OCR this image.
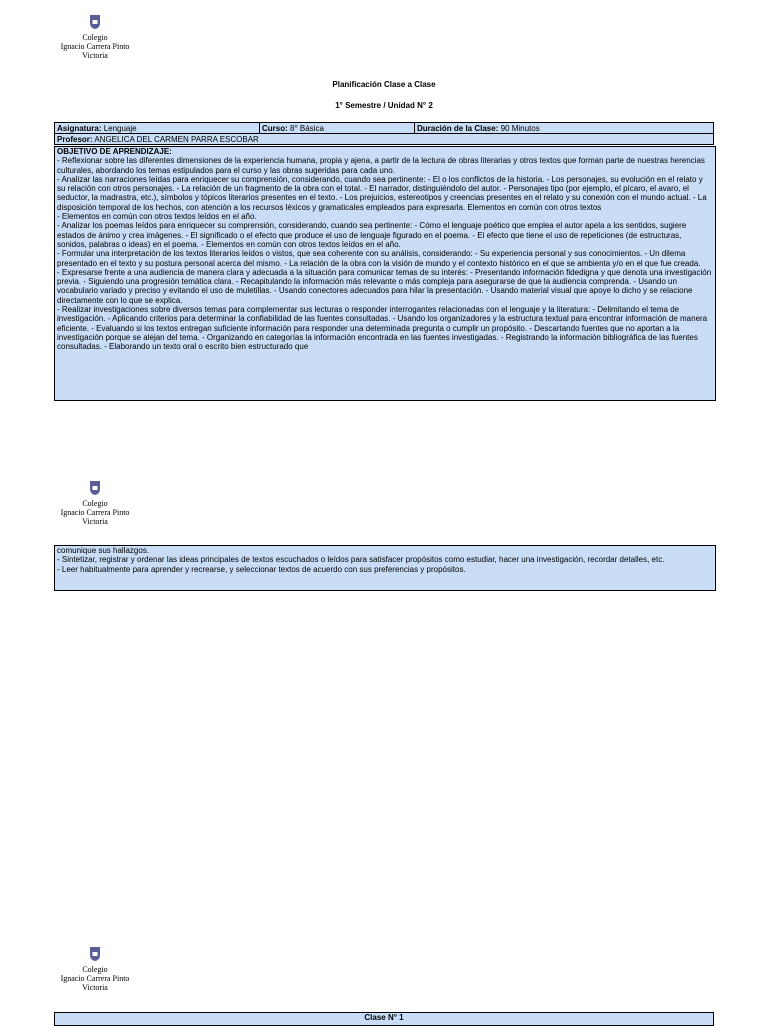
Colegio
Ignacio Carrera Pinto
Victoria
Planificación Clase a Clase
1° Semestre / Unidad N° 2
Asignatura: Lenguaje	Curso: 8° Básica	Duración de la Clase: 90 Minutos
Profesor: ANGELICA DEL CARMEN PARRA ESCOBAR

OBJETIVO DE APRENDIZAJE:

- Reflexionar sobre las diferentes dimensiones de la experiencia humana, propia y ajena, a partir de la lectura de obras literarias y otros textos que forman parte de nuestras herencias culturales, abordando los temas estipulados para el curso y las obras sugeridas para cada uno.

- Analizar las narraciones leídas para enriquecer su comprensión, considerando, cuando sea pertinente: - El o los conflictos de la historia. - Los personajes, su evolución en el relato y su relación con otros personajes. - La relación de un fragmento de la obra con el total. - El narrador, distinguiéndolo del autor. - Personajes tipo (por ejemplo, el pícaro, el avaro, el seductor, la madrastra, etc.), símbolos y tópicos literarios presentes en el texto. - Los prejuicios, estereotipos y creencias presentes en el relato y su conexión con el mundo actual. - La disposición temporal de los hechos, con atención a los recursos léxicos y gramaticales empleados para expresarla. Elementos en común con otros textos

- Elementos en común con otros textos leídos en el año.

- Analizar los poemas leídos para enriquecer su comprensión, considerando, cuando sea pertinente: - Cómo el lenguaje poético que emplea el autor apela a los sentidos, sugiere estados de ánimo y crea imágenes. - El significado o el efecto que produce el uso de lenguaje figurado en el poema. - El efecto que tiene el uso de repeticiones (de estructuras, sonidos, palabras o ideas) en el poema. - Elementos en común con otros textos leídos en el año.

- Formular una interpretación de los textos literarios leídos o vistos, que sea coherente con su análisis, considerando: - Su experiencia personal y sus conocimientos. - Un dilema presentado en el texto y su postura personal acerca del mismo. - La relación de la obra con la visión de mundo y el contexto histórico en el que se ambienta y/o en el que fue creada.

- Expresarse frente a una audiencia de manera clara y adecuada a la situación para comunicar temas de su interés: - Presentando información fidedigna y que denota una investigación previa. - Siguiendo una progresión temática clara. - Recapitulando la información más relevante o más compleja para asegurarse de que la audiencia comprenda. - Usando un vocabulario variado y preciso y evitando el uso de muletillas. - Usando conectores adecuados para hilar la presentación. - Usando material visual que apoye lo dicho y se relacione directamente con lo que se explica.

- Realizar investigaciones sobre diversos temas para complementar sus lecturas o responder interrogantes relacionadas con el lenguaje y la literatura: - Delimitando el tema de investigación. - Aplicando criterios para determinar la confiabilidad de las fuentes consultadas. - Usando los organizadores y la estructura textual para encontrar información de manera eficiente. - Evaluando si los textos entregan suficiente información para responder una determinada pregunta o cumplir un propósito. - Descartando fuentes que no aportan a la investigación porque se alejan del tema. - Organizando en categorías la información encontrada en las fuentes investigadas. - Registrando la información bibliográfica de las fuentes consultadas. - Elaborando un texto oral o escrito bien estructurado que

Colegio
Ignacio Carrera Pinto
Victoria

comunique sus hallazgos.

- Sintetizar, registrar y ordenar las ideas principales de textos escuchados o leídos para satisfacer propósitos como estudiar, hacer una investigación, recordar detalles, etc.

- Leer habitualmente para aprender y recrearse, y seleccionar textos de acuerdo con sus preferencias y propósitos.

Colegio
Ignacio Carrera Pinto
Victoria
Clase N° 1
